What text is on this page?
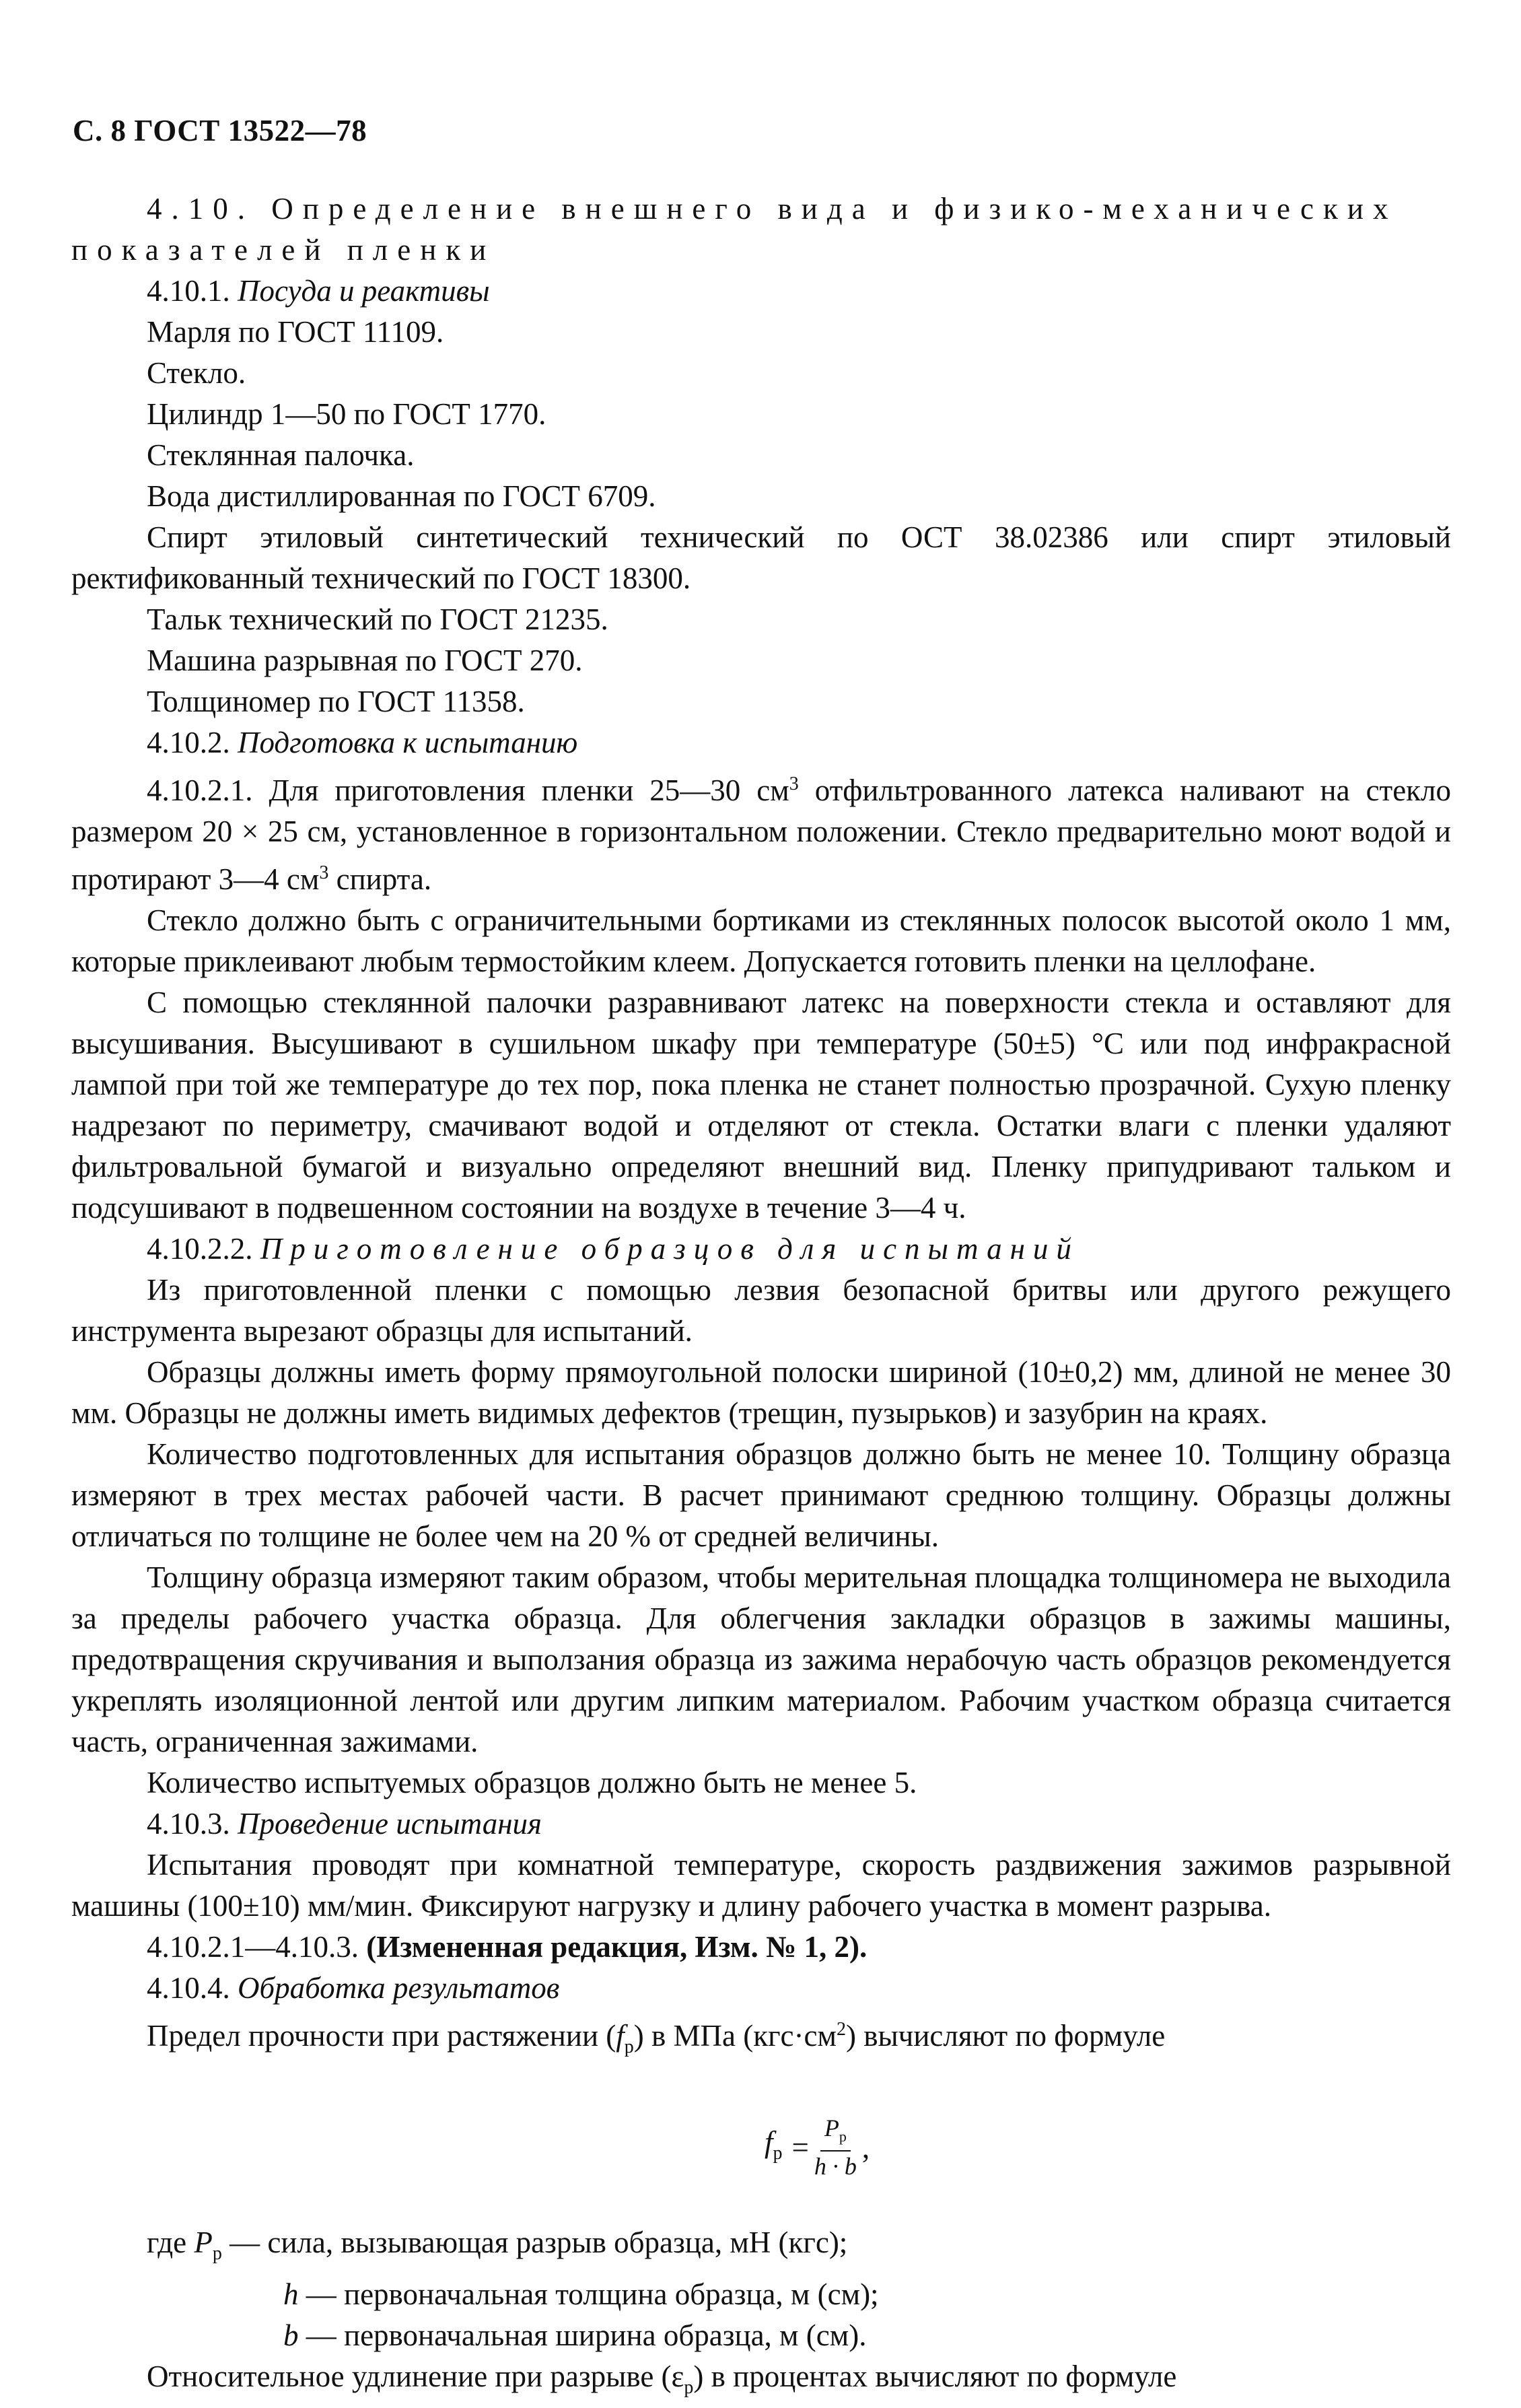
С. 8 ГОСТ 13522—78

4.10. Определение внешнего вида и физико-механических

показателей пленки

4.10.1. Посуда и реактивы

Марля по ГОСТ 11109.

Стекло.

Цилиндр 1—50 по ГОСТ 1770.

Стеклянная палочка.

Вода дистиллированная по ГОСТ 6709.

Спирт этиловый синтетический технический по ОСТ 38.02386 или спирт этиловый ректификованный технический по ГОСТ 18300.

Тальк технический по ГОСТ 21235.

Машина разрывная по ГОСТ 270.

Толщиномер по ГОСТ 11358.

4.10.2. Подготовка к испытанию

4.10.2.1. Для приготовления пленки 25—30 $см^3$ отфильтрованного латекса наливают на стекло размером 20 × 25 см, установленное в горизонтальном положении. Стекло предварительно моют водой и протирают 3—4 $см^3$ спирта.

Стекло должно быть с ограничительными бортиками из стеклянных полосок высотой около 1 мм, которые приклеивают любым термостойким клеем. Допускается готовить пленки на целлофане.

С помощью стеклянной палочки разравнивают латекс на поверхности стекла и оставляют для высушивания. Высушивают в сушильном шкафу при температуре (50±5) °С или под инфракрасной лампой при той же температуре до тех пор, пока пленка не станет полностью прозрачной. Сухую пленку надрезают по периметру, смачивают водой и отделяют от стекла. Остатки влаги с пленки удаляют фильтровальной бумагой и визуально определяют внешний вид. Пленку припудривают тальком и подсушивают в подвешенном состоянии на воздухе в течение 3—4 ч.

4.10.2.2. Приготовление образцов для испытаний

Из приготовленной пленки с помощью лезвия безопасной бритвы или другого режущего инструмента вырезают образцы для испытаний.

Образцы должны иметь форму прямоугольной полоски шириной (10±0,2) мм, длиной не менее 30 мм. Образцы не должны иметь видимых дефектов (трещин, пузырьков) и зазубрин на краях.

Количество подготовленных для испытания образцов должно быть не менее 10. Толщину образца измеряют в трех местах рабочей части. В расчет принимают среднюю толщину. Образцы должны отличаться по толщине не более чем на 20 % от средней величины.

Толщину образца измеряют таким образом, чтобы мерительная площадка толщиномера не выходила за пределы рабочего участка образца. Для облегчения закладки образцов в зажимы машины, предотвращения скручивания и выползания образца из зажима нерабочую часть образцов рекомендуется укреплять изоляционной лентой или другим липким материалом. Рабочим участком образца считается часть, ограниченная зажимами.

Количество испытуемых образцов должно быть не менее 5.

4.10.3. Проведение испытания

Испытания проводят при комнатной температуре, скорость раздвижения зажимов разрывной машины (100±10) мм/мин. Фиксируют нагрузку и длину рабочего участка в момент разрыва.

4.10.2.1—4.10.3. (Измененная редакция, Изм. № 1, 2).

4.10.4. Обработка результатов

Предел прочности при растяжении $(f_р)$ в МПа $(кгс\cdot см^2)$ вычисляют по формуле

$f_р = \frac{P_р}{h \cdot b}$ ,

где $P_р$ — сила, вызывающая разрыв образца, мН (кгс);

h — первоначальная толщина образца, м (см);

b — первоначальная ширина образца, м (см).

Относительное удлинение при разрыве $(\varepsilon_р)$ в процентах вычисляют по формуле
